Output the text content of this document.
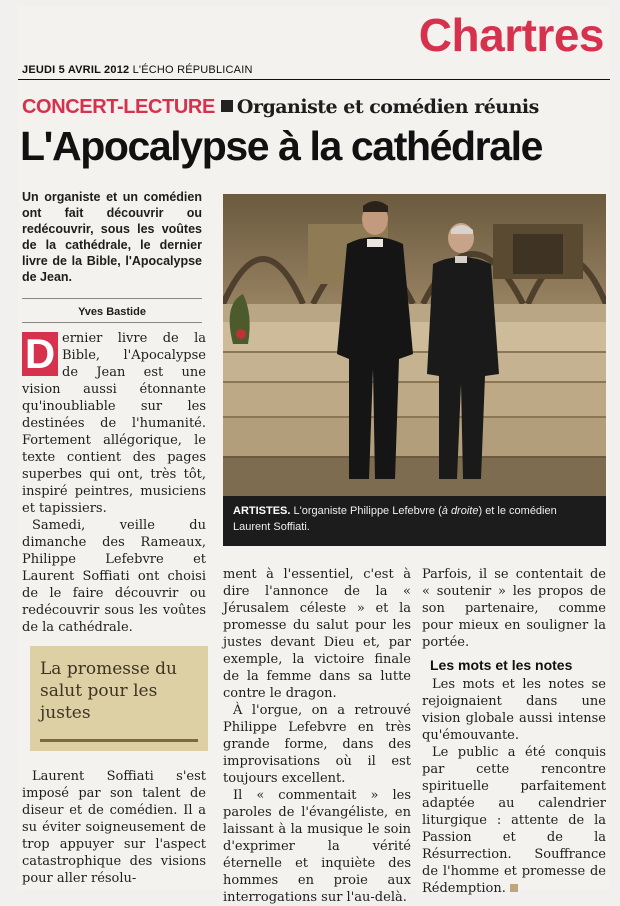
Chartres
JEUDI 5 AVRIL 2012 L'ÉCHO RÉPUBLICAIN
CONCERT-LECTURE Organiste et comédien réunis
L'Apocalypse à la cathédrale
Un organiste et un comédien ont fait découvrir ou redécouvrir, sous les voûtes de la cathédrale, le dernier livre de la Bible, l'Apocalypse de Jean.
Yves Bastide

D ernier livre de la Bible, l'Apocalypse de Jean est une vision aussi étonnante qu'inoubliable sur les destinées de l'humanité. Fortement allégorique, le texte contient des pages superbes qui ont, très tôt, inspiré peintres, musiciens et tapissiers.

Samedi, veille du dimanche des Rameaux, Philippe Lefebvre et Laurent Soffiati ont choisi de le faire découvrir ou redécouvrir sous les voûtes de la cathédrale.

La promesse du salut pour les justes

Laurent Soffiati s'est imposé par son talent de diseur et de comédien. Il a su éviter soigneusement de trop appuyer sur l'aspect catastrophique des visions pour aller résolu-

ARTISTES. L'organiste Philippe Lefebvre (à droite) et le comédien Laurent Soffiati.

ment à l'essentiel, c'est à dire l'annonce de la « Jérusalem céleste » et la promesse du salut pour les justes devant Dieu et, par exemple, la victoire finale de la femme dans sa lutte contre le dragon.

À l'orgue, on a retrouvé Philippe Lefebvre en très grande forme, dans des improvisations où il est toujours excellent.

Il « commentait » les paroles de l'évangéliste, en laissant à la musique le soin d'exprimer la vérité éternelle et inquiète des hommes en proie aux interrogations sur l'au-delà.

Parfois, il se contentait de « soutenir » les propos de son partenaire, comme pour mieux en souligner la portée.

Les mots et les notes

Les mots et les notes se rejoignaient dans une vision globale aussi intense qu'émouvante.

Le public a été conquis par cette rencontre spirituelle parfaitement adaptée au calendrier liturgique : attente de la Passion et de la Résurrection. Souffrance de l'homme et promesse de Rédemption.
